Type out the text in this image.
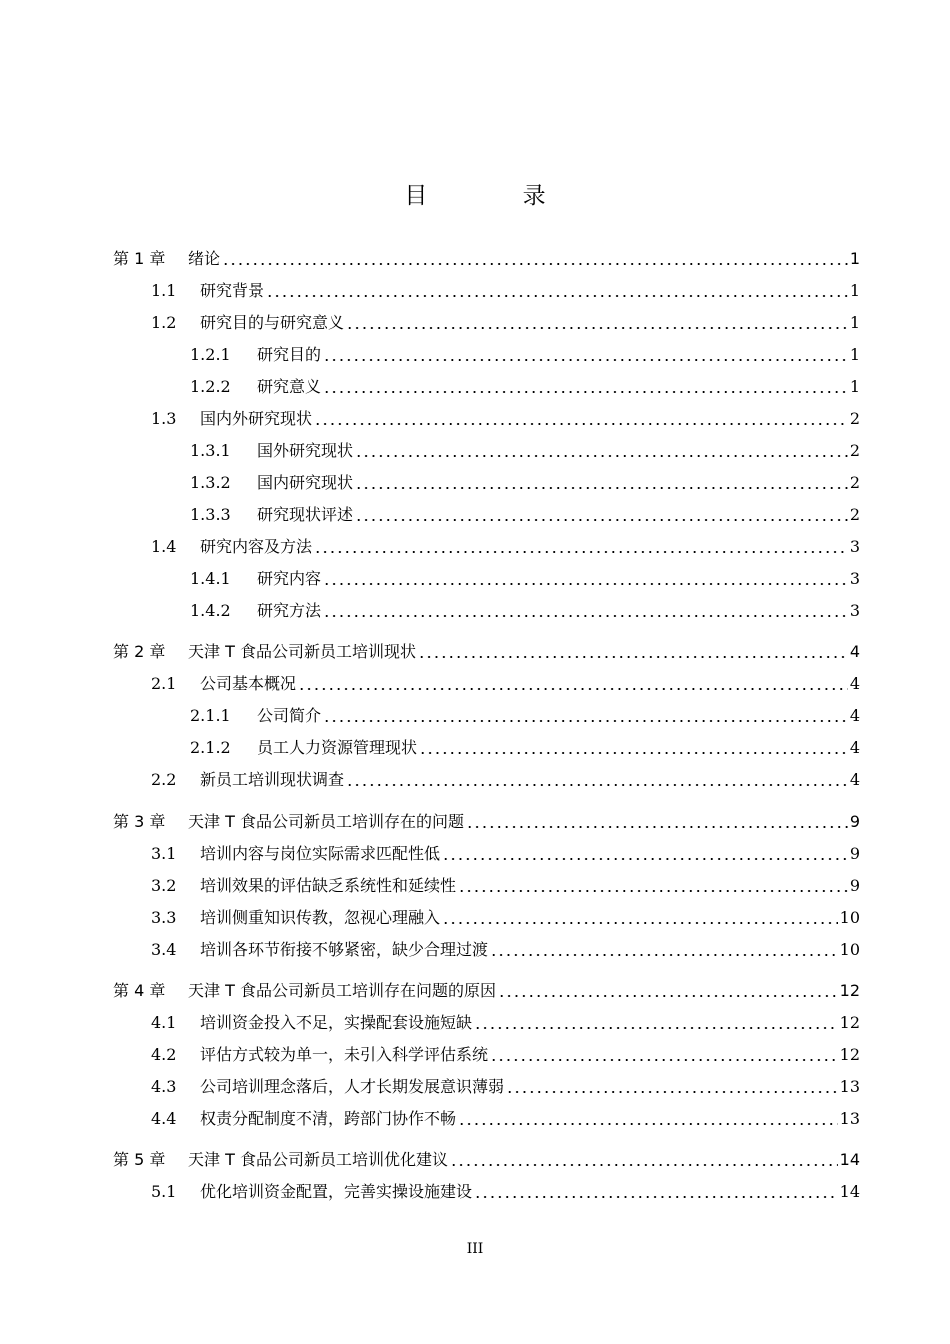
目 录
第 1 章	绪论	1
1.1	研究背景	1
1.2	研究目的与研究意义	1
1.2.1	研究目的	1
1.2.2	研究意义	1
1.3	国内外研究现状	2
1.3.1	国外研究现状	2
1.3.2	国内研究现状	2
1.3.3	研究现状评述	2
1.4	研究内容及方法	3
1.4.1	研究内容	3
1.4.2	研究方法	3
第 2 章	天津 T 食品公司新员工培训现状	4
2.1	公司基本概况	4
2.1.1	公司简介	4
2.1.2	员工人力资源管理现状	4
2.2	新员工培训现状调查	4
第 3 章	天津 T 食品公司新员工培训存在的问题	9
3.1	培训内容与岗位实际需求匹配性低	9
3.2	培训效果的评估缺乏系统性和延续性	9
3.3	培训侧重知识传教，忽视心理融入	10
3.4	培训各环节衔接不够紧密，缺少合理过渡	10
第 4 章	天津 T 食品公司新员工培训存在问题的原因	12
4.1	培训资金投入不足，实操配套设施短缺	12
4.2	评估方式较为单一，未引入科学评估系统	12
4.3	公司培训理念落后，人才长期发展意识薄弱	13
4.4	权责分配制度不清，跨部门协作不畅	13
第 5 章	天津 T 食品公司新员工培训优化建议	14
5.1	优化培训资金配置，完善实操设施建设	14
III
